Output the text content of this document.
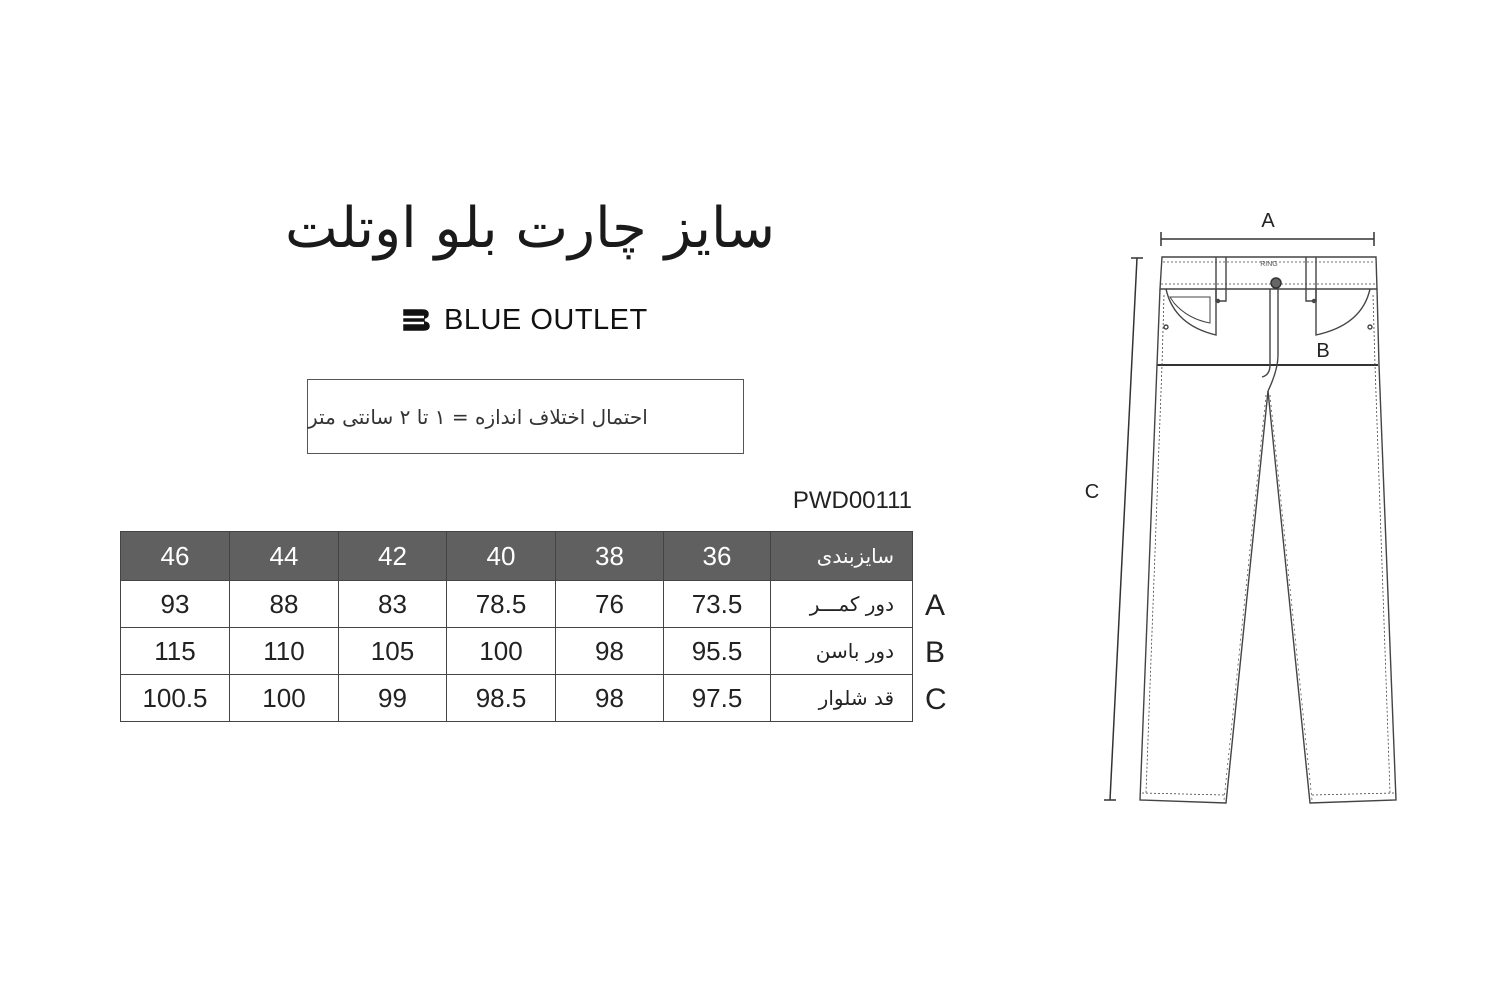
سایز چارت بلو اوتلت
BLUE OUTLET
احتمال اختلاف اندازه = ۱ تا ۲ سانتی متر
PWD00111
46	44	42	40	38	36	سایزبندی
93	88	83	78.5	76	73.5	دور کمـــر
115	110	105	100	98	95.5	دور باسن
100.5	100	99	98.5	98	97.5	قد شلوار
A
B
C
A
B
C
RING
